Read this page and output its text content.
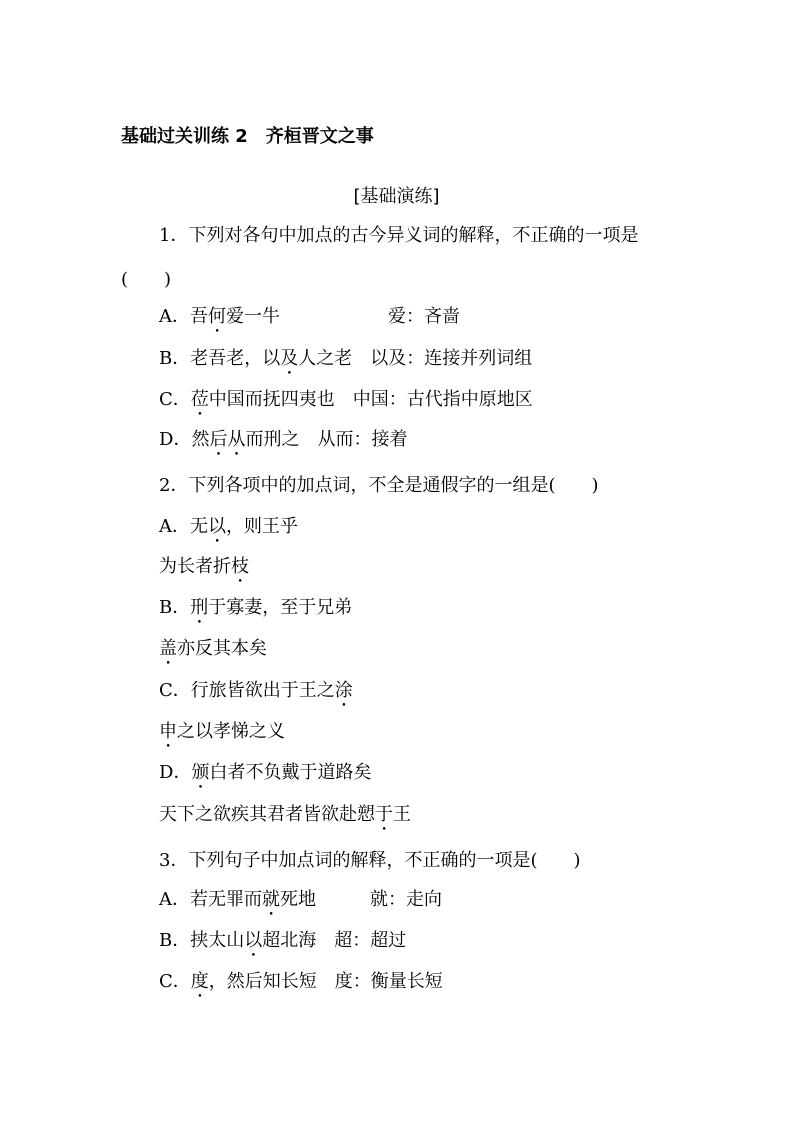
基础过关训练 2　齐桓晋文之事
[基础演练]
1．下列对各句中加点的古今异义词的解释，不正确的一项是
(　　)
A．吾何爱一牛　　　　　　	爱：吝啬
B．老吾老，以及人之老　 以及：连接并列词组
C．莅中国而抚四夷也　 中国：古代指中原地区
D．然后从而刑之　 从而：接着
2．下列各项中的加点词，不全是通假字的一组是(　　)
A．无以，则王乎
为长者折枝
B．刑于寡妻，至于兄弟
盖亦反其本矣
C．行旅皆欲出于王之涂
申之以孝悌之义
D．颁白者不负戴于道路矣
天下之欲疾其君者皆欲赴愬于王
3．下列句子中加点词的解释，不正确的一项是(　　)
A．若无罪而就死地　　　	就：走向
B．挟太山以超北海　 超：超过
C．度，然后知长短　 度：衡量长短
